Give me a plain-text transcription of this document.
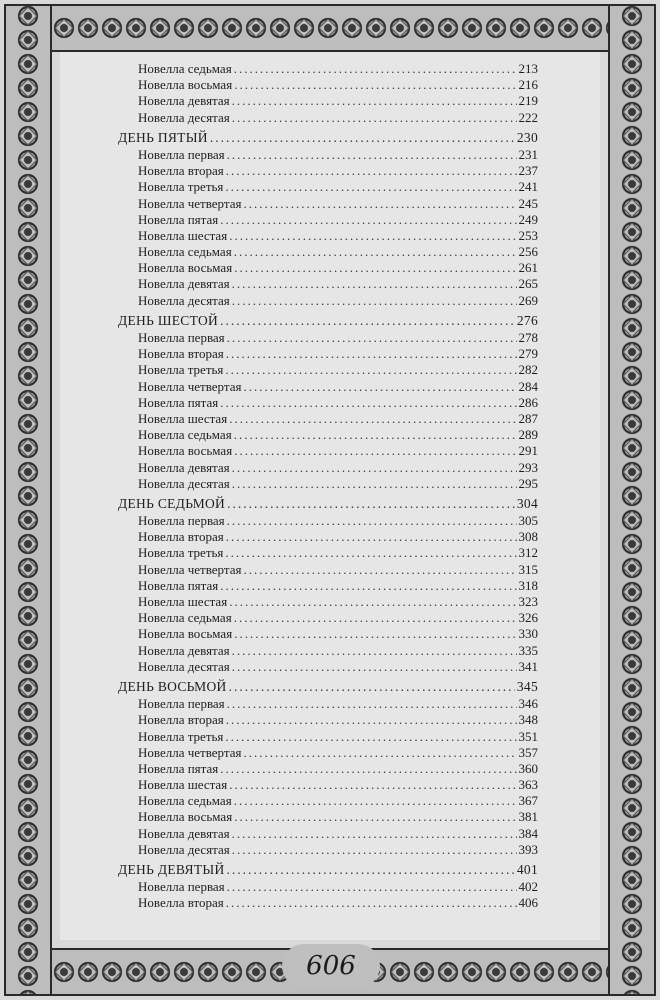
Новелла седьмая .....	213
Новелла восьмая .....	216
Новелла девятая .....	219
Новелла десятая .....	222
ДЕНЬ ПЯТЫЙ .....	230
Новелла первая .....	231
Новелла вторая .....	237
Новелла третья .....	241
Новелла четвертая .....	245
Новелла пятая .....	249
Новелла шестая .....	253
Новелла седьмая .....	256
Новелла восьмая .....	261
Новелла девятая .....	265
Новелла десятая .....	269
ДЕНЬ ШЕСТОЙ .....	276
Новелла первая .....	278
Новелла вторая .....	279
Новелла третья .....	282
Новелла четвертая .....	284
Новелла пятая .....	286
Новелла шестая .....	287
Новелла седьмая .....	289
Новелла восьмая .....	291
Новелла девятая .....	293
Новелла десятая .....	295
ДЕНЬ СЕДЬМОЙ .....	304
Новелла первая .....	305
Новелла вторая .....	308
Новелла третья .....	312
Новелла четвертая .....	315
Новелла пятая .....	318
Новелла шестая .....	323
Новелла седьмая .....	326
Новелла восьмая .....	330
Новелла девятая .....	335
Новелла десятая .....	341
ДЕНЬ ВОСЬМОЙ .....	345
Новелла первая .....	346
Новелла вторая .....	348
Новелла третья .....	351
Новелла четвертая .....	357
Новелла пятая .....	360
Новелла шестая .....	363
Новелла седьмая .....	367
Новелла восьмая .....	381
Новелла девятая .....	384
Новелла десятая .....	393
ДЕНЬ ДЕВЯТЫЙ .....	401
Новелла первая .....	402
Новелла вторая .....	406
606
